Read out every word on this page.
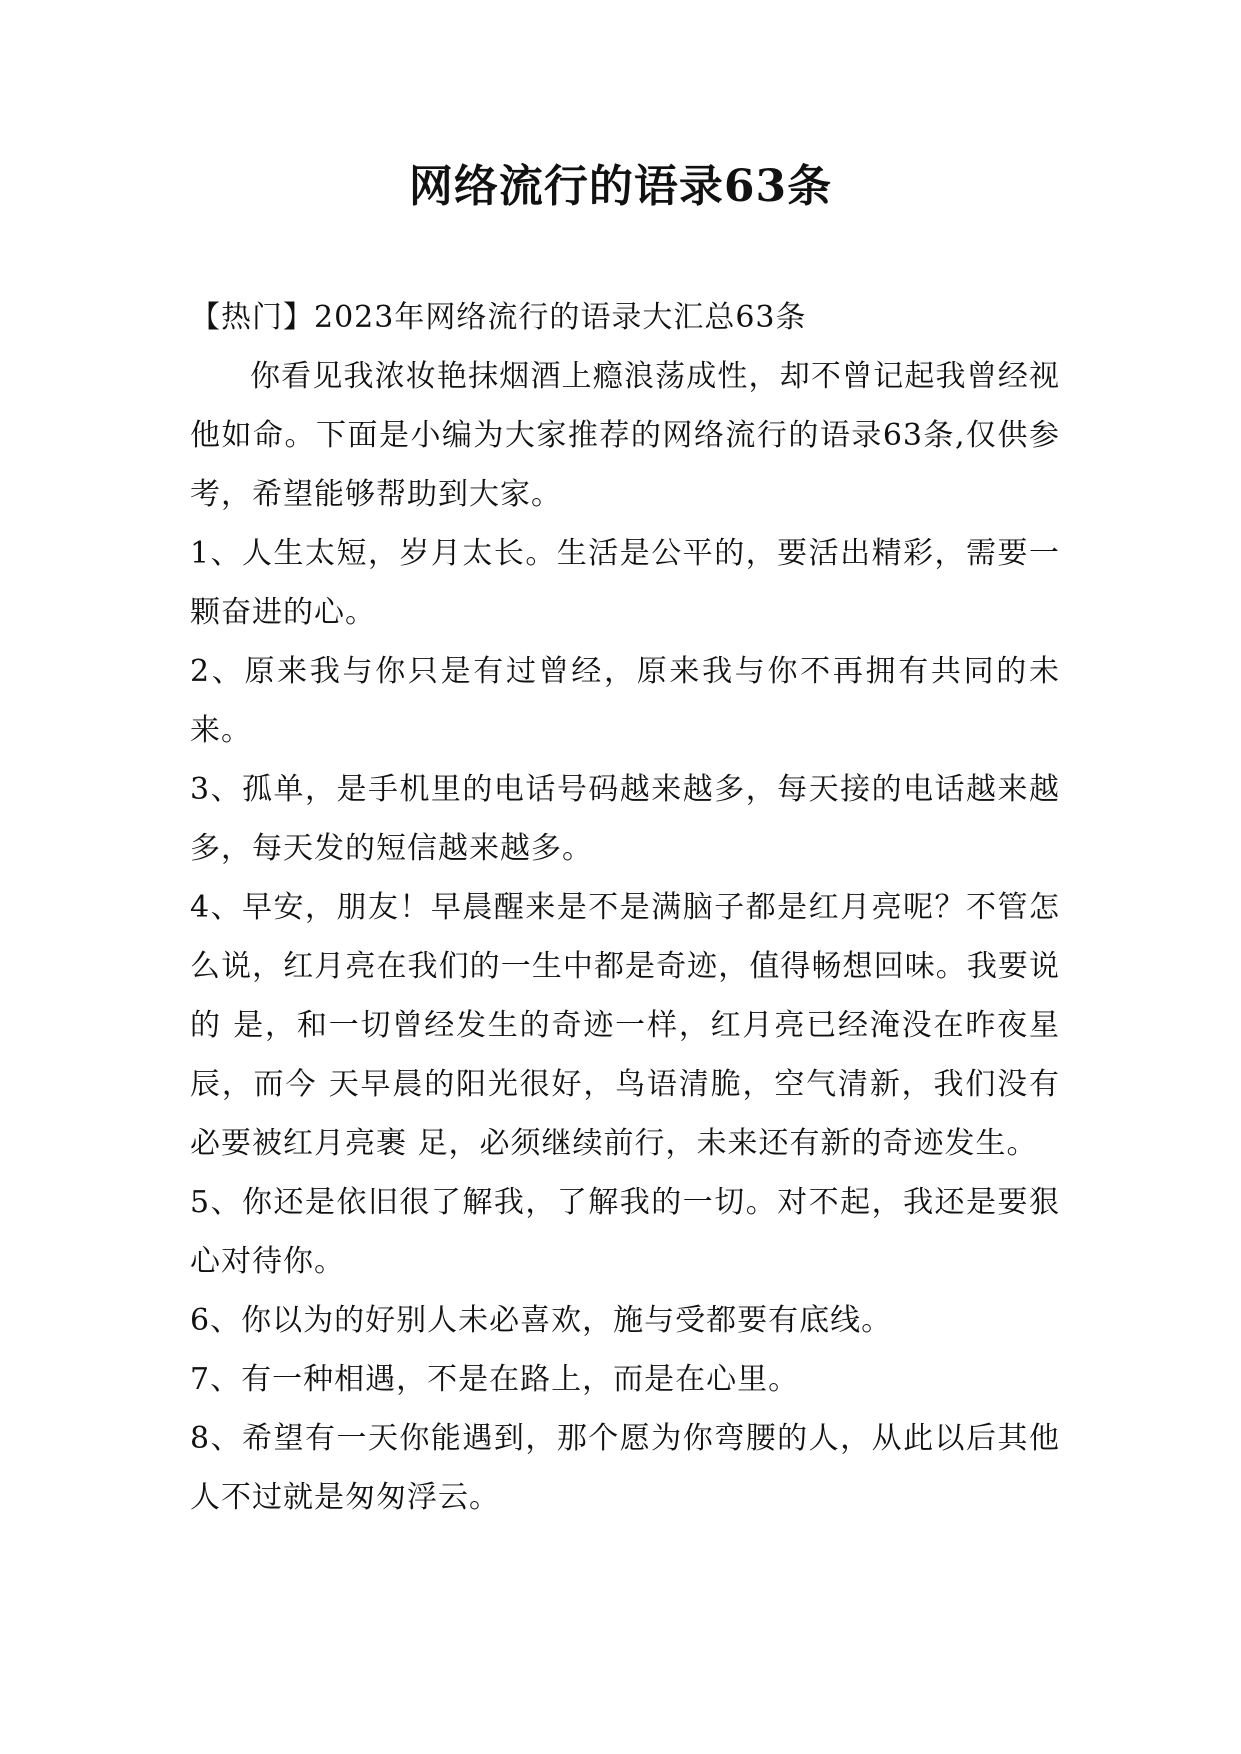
网络流行的语录63条

【热门】2023年网络流行的语录大汇总63条

你看见我浓妆艳抹烟酒上瘾浪荡成性，却不曾记起我曾经视他如命。下面是小编为大家推荐的网络流行的语录63条,仅供参考，希望能够帮助到大家。

1、人生太短，岁月太长。生活是公平的，要活出精彩，需要一颗奋进的心。

2、原来我与你只是有过曾经，原来我与你不再拥有共同的未来。

3、孤单，是手机里的电话号码越来越多，每天接的电话越来越多，每天发的短信越来越多。

4、早安，朋友！早晨醒来是不是满脑子都是红月亮呢？不管怎 么说，红月亮在我们的一生中都是奇迹，值得畅想回味。我要说的 是，和一切曾经发生的奇迹一样，红月亮已经淹没在昨夜星辰，而今 天早晨的阳光很好，鸟语清脆，空气清新，我们没有必要被红月亮裹 足，必须继续前行，未来还有新的奇迹发生。

5、你还是依旧很了解我，了解我的一切。对不起，我还是要狠心对待你。

6、你以为的好别人未必喜欢，施与受都要有底线。

7、有一种相遇，不是在路上，而是在心里。

8、希望有一天你能遇到，那个愿为你弯腰的人，从此以后其他人不过就是匆匆浮云。
